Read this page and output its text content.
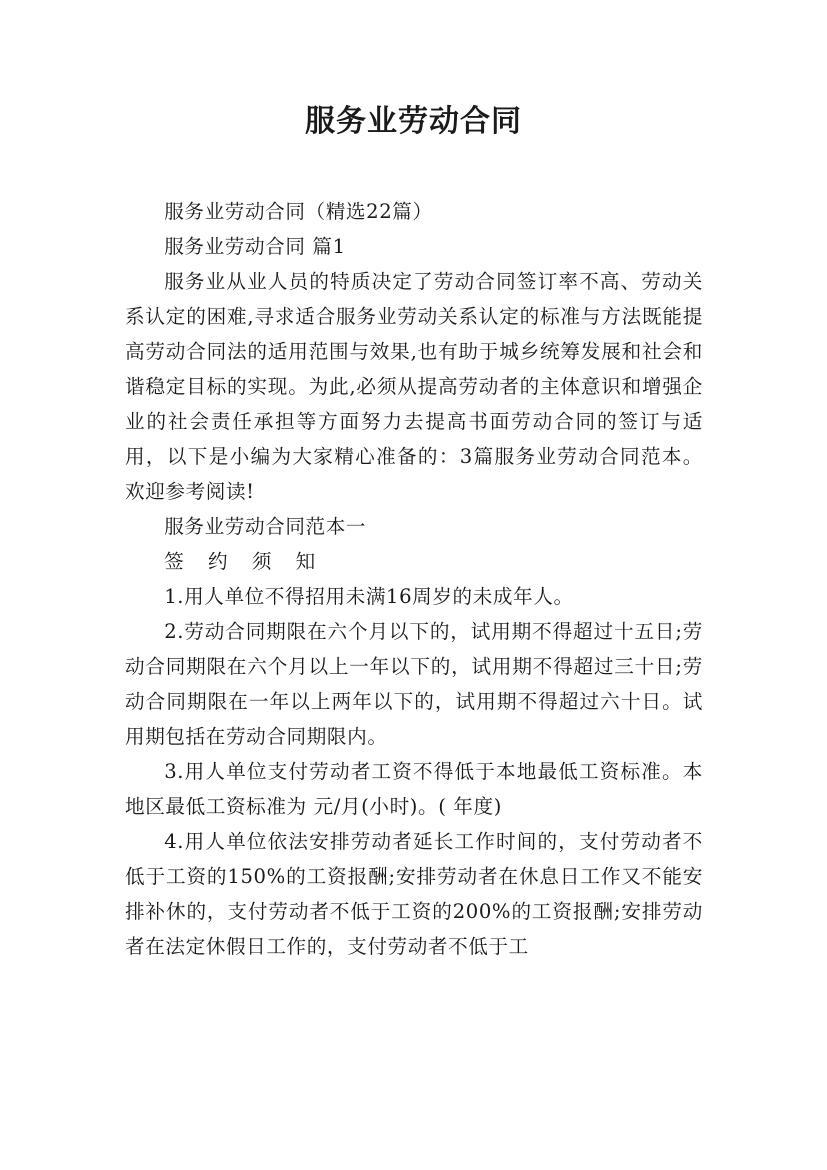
服务业劳动合同

服务业劳动合同（精选22篇）

服务业劳动合同 篇1

服务业从业人员的特质决定了劳动合同签订率不高、劳动关系认定的困难,寻求适合服务业劳动关系认定的标准与方法既能提高劳动合同法的适用范围与效果,也有助于城乡统筹发展和社会和谐稳定目标的实现。为此,必须从提高劳动者的主体意识和增强企业的社会责任承担等方面努力去提高书面劳动合同的签订与适用，以下是小编为大家精心准备的：3篇服务业劳动合同范本。欢迎参考阅读!

服务业劳动合同范本一

签 约 须 知

1.用人单位不得招用未满16周岁的未成年人。

2.劳动合同期限在六个月以下的，试用期不得超过十五日;劳动合同期限在六个月以上一年以下的，试用期不得超过三十日;劳动合同期限在一年以上两年以下的，试用期不得超过六十日。试用期包括在劳动合同期限内。

3.用人单位支付劳动者工资不得低于本地最低工资标准。本地区最低工资标准为 元/月(小时)。( 年度)

4.用人单位依法安排劳动者延长工作时间的，支付劳动者不低于工资的150%的工资报酬;安排劳动者在休息日工作又不能安排补休的，支付劳动者不低于工资的200%的工资报酬;安排劳动者在法定休假日工作的，支付劳动者不低于工
